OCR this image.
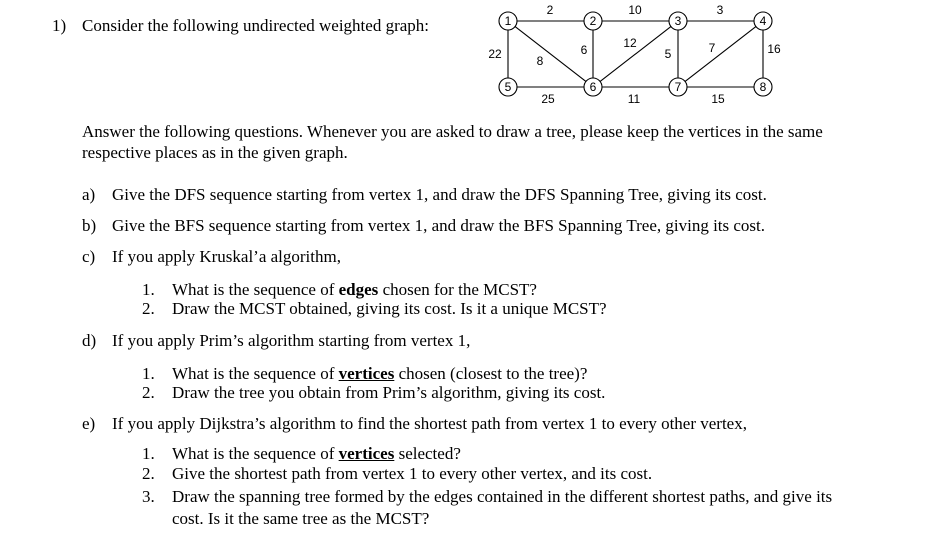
1) Consider the following undirected weighted graph:
2	10	3
22	8
6	12
5	7	16
25	11	15
1	2	3	4
5	6	7	8
Answer the following questions. Whenever you are asked to draw a tree, please keep the vertices in the same
respective places as in the given graph.
a) Give the DFS sequence starting from vertex 1, and draw the DFS Spanning Tree, giving its cost.
b) Give the BFS sequence starting from vertex 1, and draw the BFS Spanning Tree, giving its cost.
c) If you apply Kruskal’a algorithm,
1. What is the sequence of edges chosen for the MCST?
2. Draw the MCST obtained, giving its cost. Is it a unique MCST?
d) If you apply Prim’s algorithm starting from vertex 1,
1. What is the sequence of vertices chosen (closest to the tree)?
2. Draw the tree you obtain from Prim’s algorithm, giving its cost.
e) If you apply Dijkstra’s algorithm to find the shortest path from vertex 1 to every other vertex,
1. What is the sequence of vertices selected?
2. Give the shortest path from vertex 1 to every other vertex, and its cost.
3. Draw the spanning tree formed by the edges contained in the different shortest paths, and give its
cost. Is it the same tree as the MCST?
